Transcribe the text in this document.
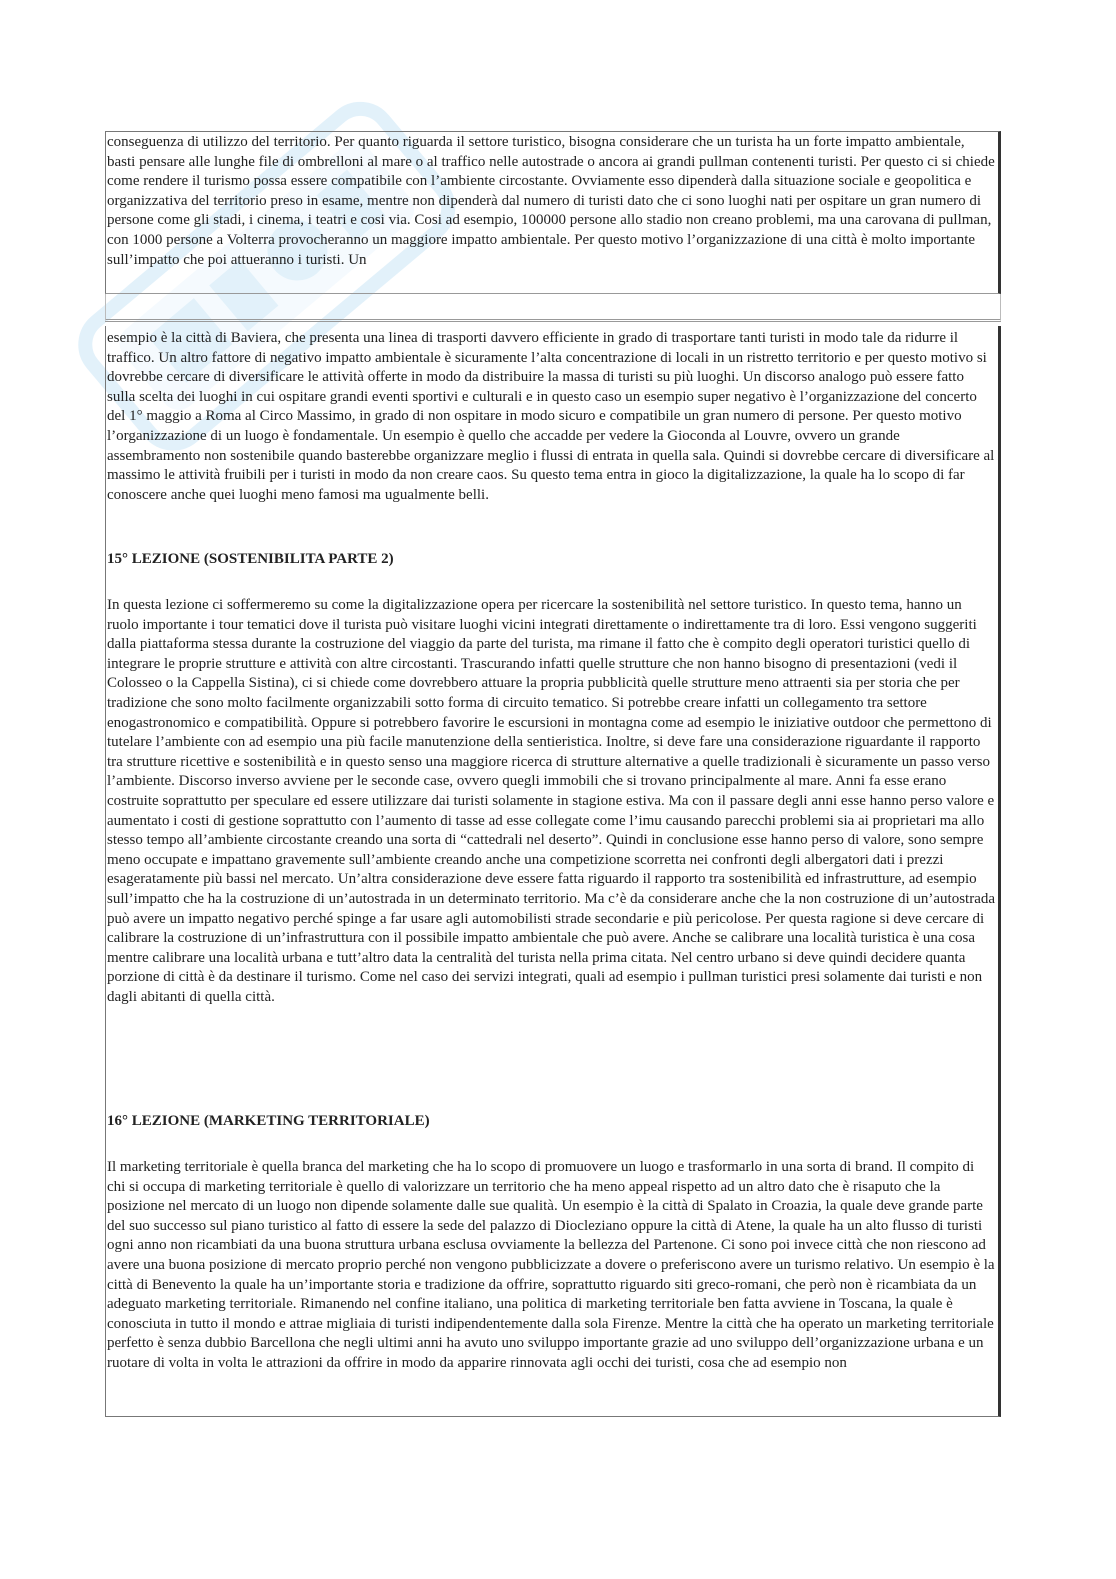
conseguenza di utilizzo del territorio. Per quanto riguarda il settore turistico, bisogna considerare che un turista ha un forte impatto ambientale, basti pensare alle lunghe file di ombrelloni al mare o al traffico nelle autostrade o ancora ai grandi pullman contenenti turisti. Per questo ci si chiede come rendere il turismo possa essere compatibile con l’ambiente circostante. Ovviamente esso dipenderà dalla situazione sociale e geopolitica e organizzativa del territorio preso in esame, mentre non dipenderà dal numero di turisti dato che ci sono luoghi nati per ospitare un gran numero di persone come gli stadi, i cinema, i teatri e cosi via. Cosi ad esempio, 100000 persone allo stadio non creano problemi, ma una carovana di pullman, con 1000 persone a Volterra provocheranno un maggiore impatto ambientale. Per questo motivo l’organizzazione di una città è molto importante sull’impatto che poi attueranno i turisti. Un

esempio è la città di Baviera, che presenta una linea di trasporti davvero efficiente in grado di trasportare tanti turisti in modo tale da ridurre il traffico. Un altro fattore di negativo impatto ambientale è sicuramente l’alta concentrazione di locali in un ristretto territorio e per questo motivo si dovrebbe cercare di diversificare le attività offerte in modo da distribuire la massa di turisti su più luoghi. Un discorso analogo può essere fatto sulla scelta dei luoghi in cui ospitare grandi eventi sportivi e culturali e in questo caso un esempio super negativo è l’organizzazione del concerto del 1° maggio a Roma al Circo Massimo, in grado di non ospitare in modo sicuro e compatibile un gran numero di persone. Per questo motivo l’organizzazione di un luogo è fondamentale. Un esempio è quello che accadde per vedere la Gioconda al Louvre, ovvero un grande assembramento non sostenibile quando basterebbe organizzare meglio i flussi di entrata in quella sala. Quindi si dovrebbe cercare di diversificare al massimo le attività fruibili per i turisti in modo da non creare caos. Su questo tema entra in gioco la digitalizzazione, la quale ha lo scopo di far conoscere anche quei luoghi meno famosi ma ugualmente belli.

15° LEZIONE (SOSTENIBILITA PARTE 2)

In questa lezione ci soffermeremo su come la digitalizzazione opera per ricercare la sostenibilità nel settore turistico. In questo tema, hanno un ruolo importante i tour tematici dove il turista può visitare luoghi vicini integrati direttamente o indirettamente tra di loro. Essi vengono suggeriti dalla piattaforma stessa durante la costruzione del viaggio da parte del turista, ma rimane il fatto che è compito degli operatori turistici quello di integrare le proprie strutture e attività con altre circostanti. Trascurando infatti quelle strutture che non hanno bisogno di presentazioni (vedi il Colosseo o la Cappella Sistina), ci si chiede come dovrebbero attuare la propria pubblicità quelle strutture meno attraenti sia per storia che per tradizione che sono molto facilmente organizzabili sotto forma di circuito tematico. Si potrebbe creare infatti un collegamento tra settore enogastronomico e compatibilità. Oppure si potrebbero favorire le escursioni in montagna come ad esempio le iniziative outdoor che permettono di tutelare l’ambiente con ad esempio una più facile manutenzione della sentieristica. Inoltre, si deve fare una considerazione riguardante il rapporto tra strutture ricettive e sostenibilità e in questo senso una maggiore ricerca di strutture alternative a quelle tradizionali è sicuramente un passo verso l’ambiente. Discorso inverso avviene per le seconde case, ovvero quegli immobili che si trovano principalmente al mare. Anni fa esse erano costruite soprattutto per speculare ed essere utilizzare dai turisti solamente in stagione estiva. Ma con il passare degli anni esse hanno perso valore e aumentato i costi di gestione soprattutto con l’aumento di tasse ad esse collegate come l’imu causando parecchi problemi sia ai proprietari ma allo stesso tempo all’ambiente circostante creando una sorta di “cattedrali nel deserto”. Quindi in conclusione esse hanno perso di valore, sono sempre meno occupate e impattano gravemente sull’ambiente creando anche una competizione scorretta nei confronti degli albergatori dati i prezzi esageratamente più bassi nel mercato. Un’altra considerazione deve essere fatta riguardo il rapporto tra sostenibilità ed infrastrutture, ad esempio sull’impatto che ha la costruzione di un’autostrada in un determinato territorio. Ma c’è da considerare anche che la non costruzione di un’autostrada può avere un impatto negativo perché spinge a far usare agli automobilisti strade secondarie e più pericolose. Per questa ragione si deve cercare di calibrare la costruzione di un’infrastruttura con il possibile impatto ambientale che può avere. Anche se calibrare una località turistica è una cosa mentre calibrare una località urbana e tutt’altro data la centralità del turista nella prima citata. Nel centro urbano si deve quindi decidere quanta porzione di città è da destinare il turismo. Come nel caso dei servizi integrati, quali ad esempio i pullman turistici presi solamente dai turisti e non dagli abitanti di quella città.

16° LEZIONE (MARKETING TERRITORIALE)

Il marketing territoriale è quella branca del marketing che ha lo scopo di promuovere un luogo e trasformarlo in una sorta di brand. Il compito di chi si occupa di marketing territoriale è quello di valorizzare un territorio che ha meno appeal rispetto ad un altro dato che è risaputo che la posizione nel mercato di un luogo non dipende solamente dalle sue qualità. Un esempio è la città di Spalato in Croazia, la quale deve grande parte del suo successo sul piano turistico al fatto di essere la sede del palazzo di Diocleziano oppure la città di Atene, la quale ha un alto flusso di turisti ogni anno non ricambiati da una buona struttura urbana esclusa ovviamente la bellezza del Partenone. Ci sono poi invece città che non riescono ad avere una buona posizione di mercato proprio perché non vengono pubblicizzate a dovere o preferiscono avere un turismo relativo. Un esempio è la città di Benevento la quale ha un’importante storia e tradizione da offrire, soprattutto riguardo siti greco-romani, che però non è ricambiata da un adeguato marketing territoriale. Rimanendo nel confine italiano, una politica di marketing territoriale ben fatta avviene in Toscana, la quale è conosciuta in tutto il mondo e attrae migliaia di turisti indipendentemente dalla sola Firenze. Mentre la città che ha operato un marketing territoriale perfetto è senza dubbio Barcellona che negli ultimi anni ha avuto uno sviluppo importante grazie ad uno sviluppo dell’organizzazione urbana e un
ruotare di volta in volta le attrazioni da offrire in modo da apparire rinnovata agli occhi dei turisti, cosa che ad esempio non
